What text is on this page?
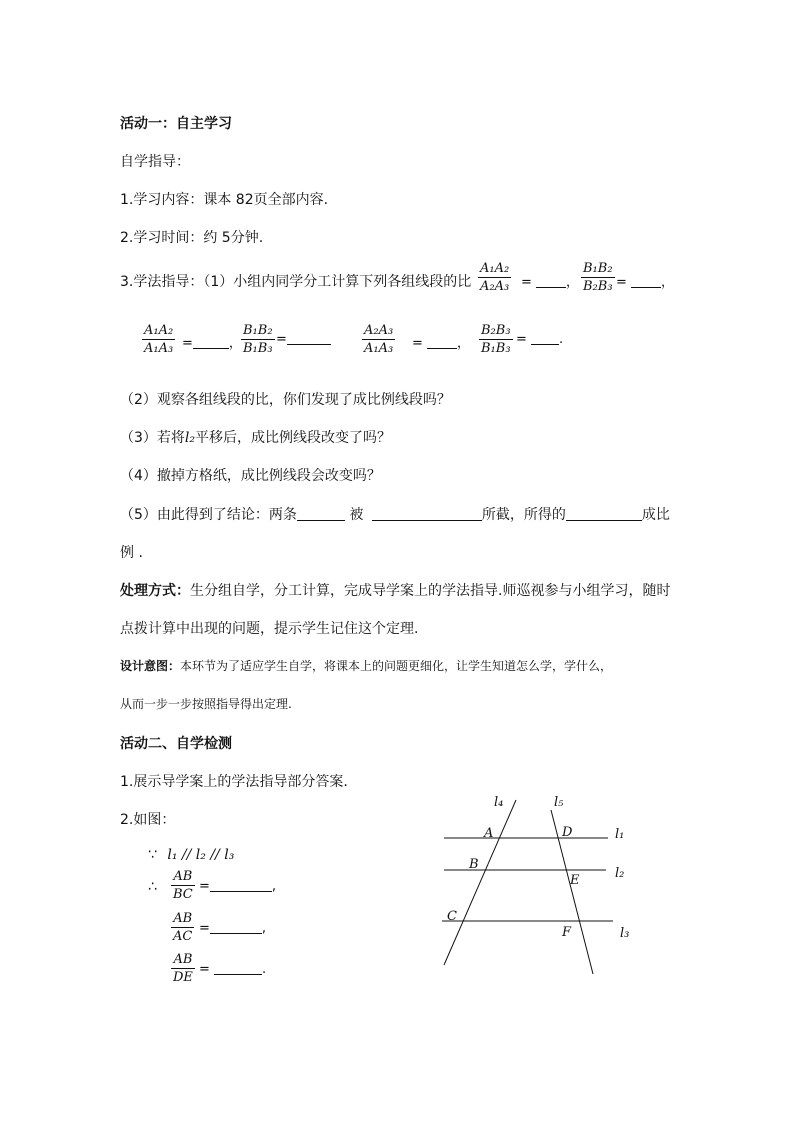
活动一：自主学习
自学指导：
1.学习内容：课本 82页全部内容.
2.学习时间：约 5分钟.
3.学法指导：（1）小组内同学分工计算下列各组线段的比
A₁A₂
A₂A₃ =	，
B₁B₂
B₂B₃ =	，
A₁A₂
A₁A₃ =	，
B₁B₂
B₁B₃
=
A₂A₃
A₁A₃ =	，
B₂B₃
B₁B₃
= .
（2）观察各组线段的比，你们发现了成比例线段吗？
（3）若将l₂平移后，成比例线段改变了吗？
（4）撤掉方格纸，成比例线段会改变吗？
（5）由此得到了结论：两条	被	所截，所得的	成比
例 .
处理方式：生分组自学，分工计算，完成导学案上的学法指导.师巡视参与小组学习，随时
点拨计算中出现的问题，提示学生记住这个定理.
设计意图：本环节为了适应学生自学，将课本上的问题更细化，让学生知道怎么学，学什么，
从而一步一步按照指导得出定理.
活动二、自学检测
1.展示导学案上的学法指导部分答案.
2.如图：
∵ l₁ // l₂ // l₃
∴
AB
BC
=	,
AB
AC
=	,
AB
DE
=	.
l₄	l₅
l₁
l₂
l₃
A	D
B
E
C
F
